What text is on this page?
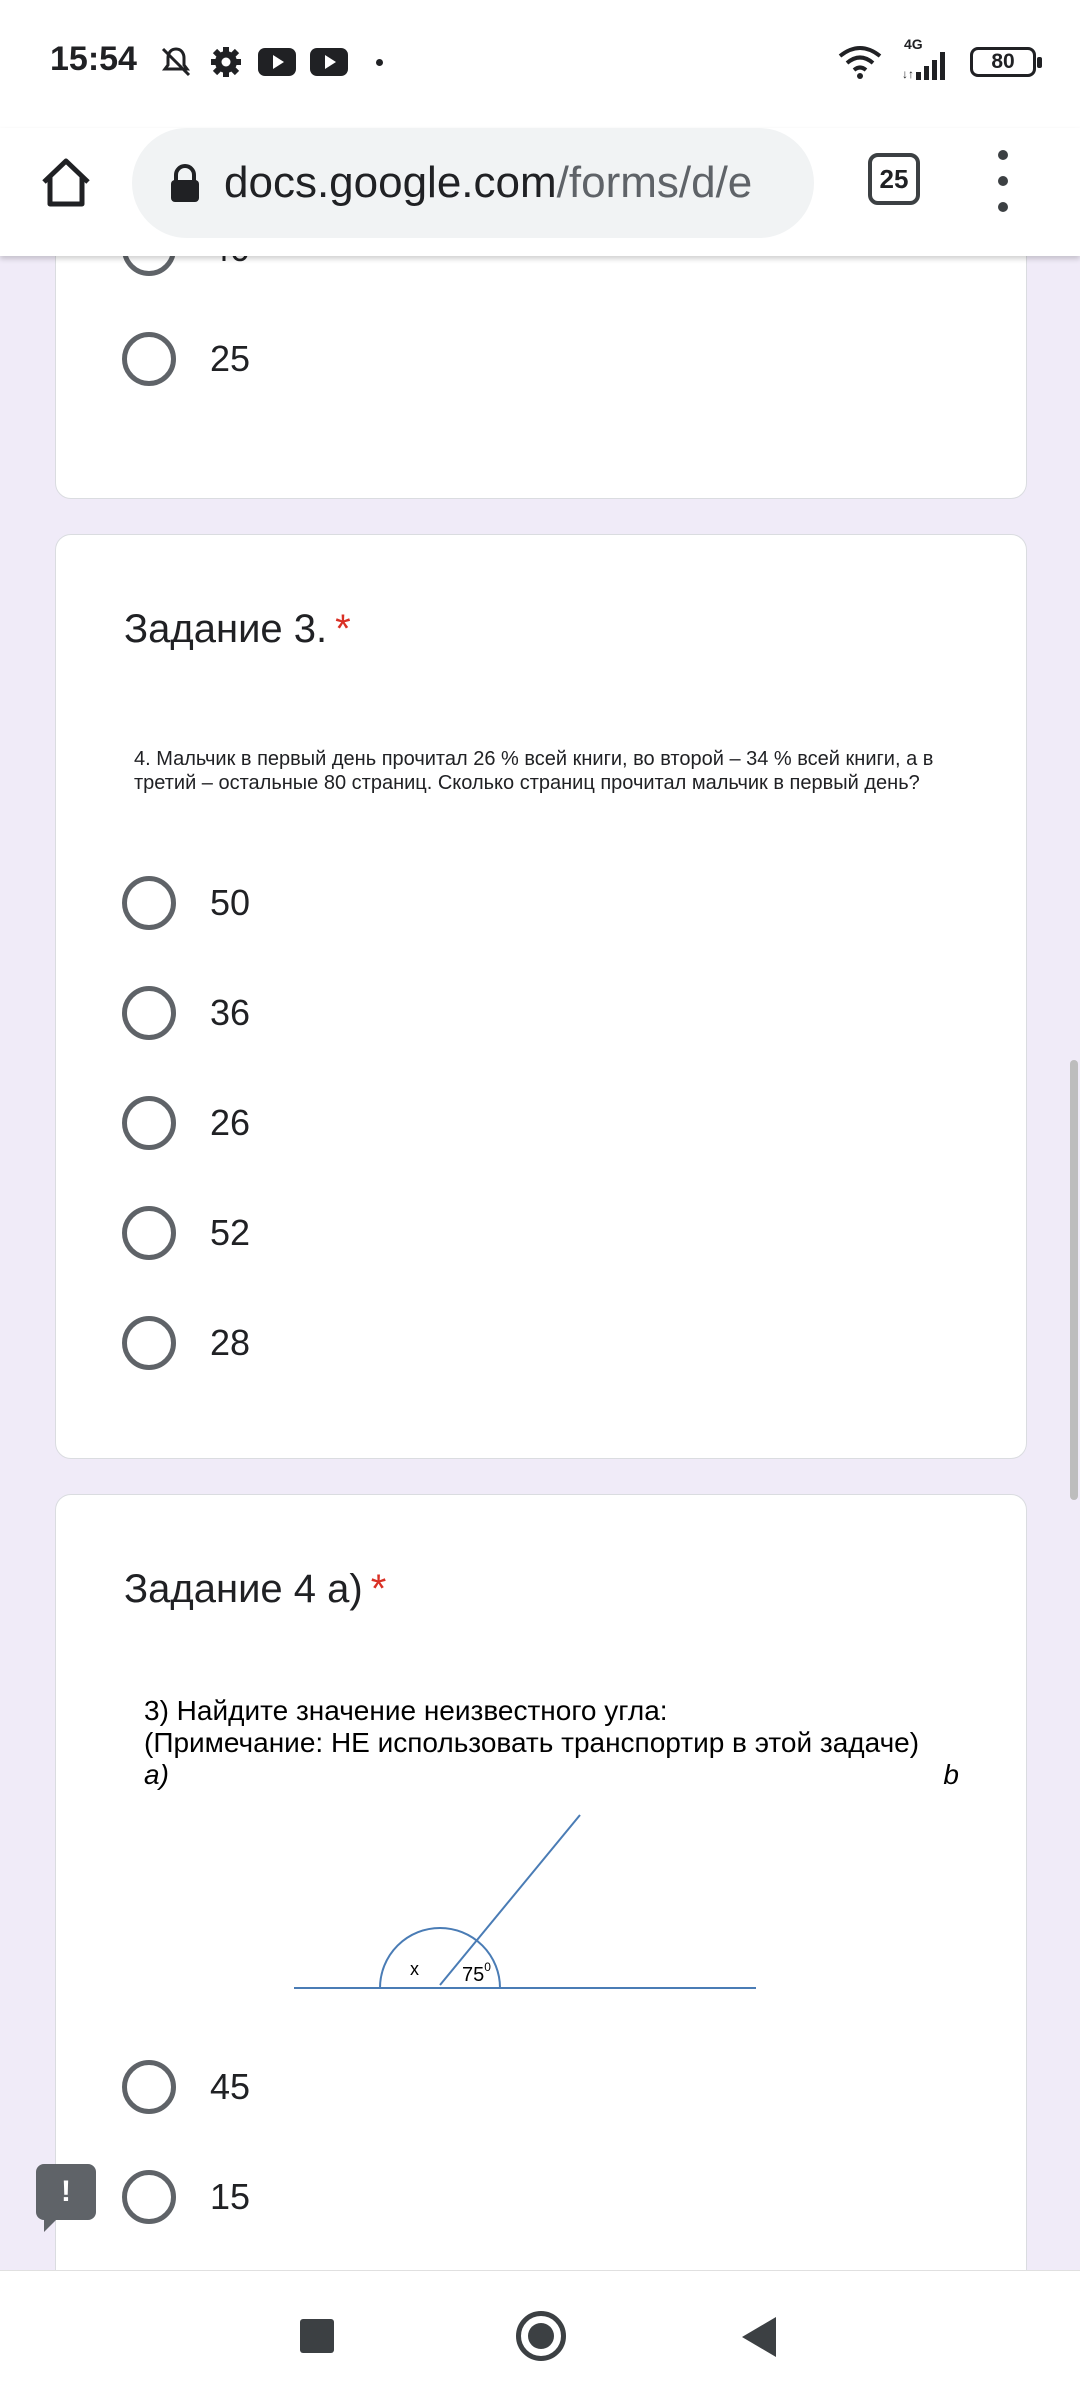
15:54	4G
↓↑
80
docs.google.com/forms/d/e	25
25
Задание 3. *
4. Мальчик в первый день прочитал 26 % всей книги, во второй – 34 % всей книги, а в
третий – остальные 80 страниц. Сколько страниц прочитал мальчик в первый день?
50
36
26
52
28
Задание 4 а) *
3) Найдите значение неизвестного угла:
(Примечание: НЕ использовать транспортир в этой задаче)
а)	b
x $75^0$
45
15
!
